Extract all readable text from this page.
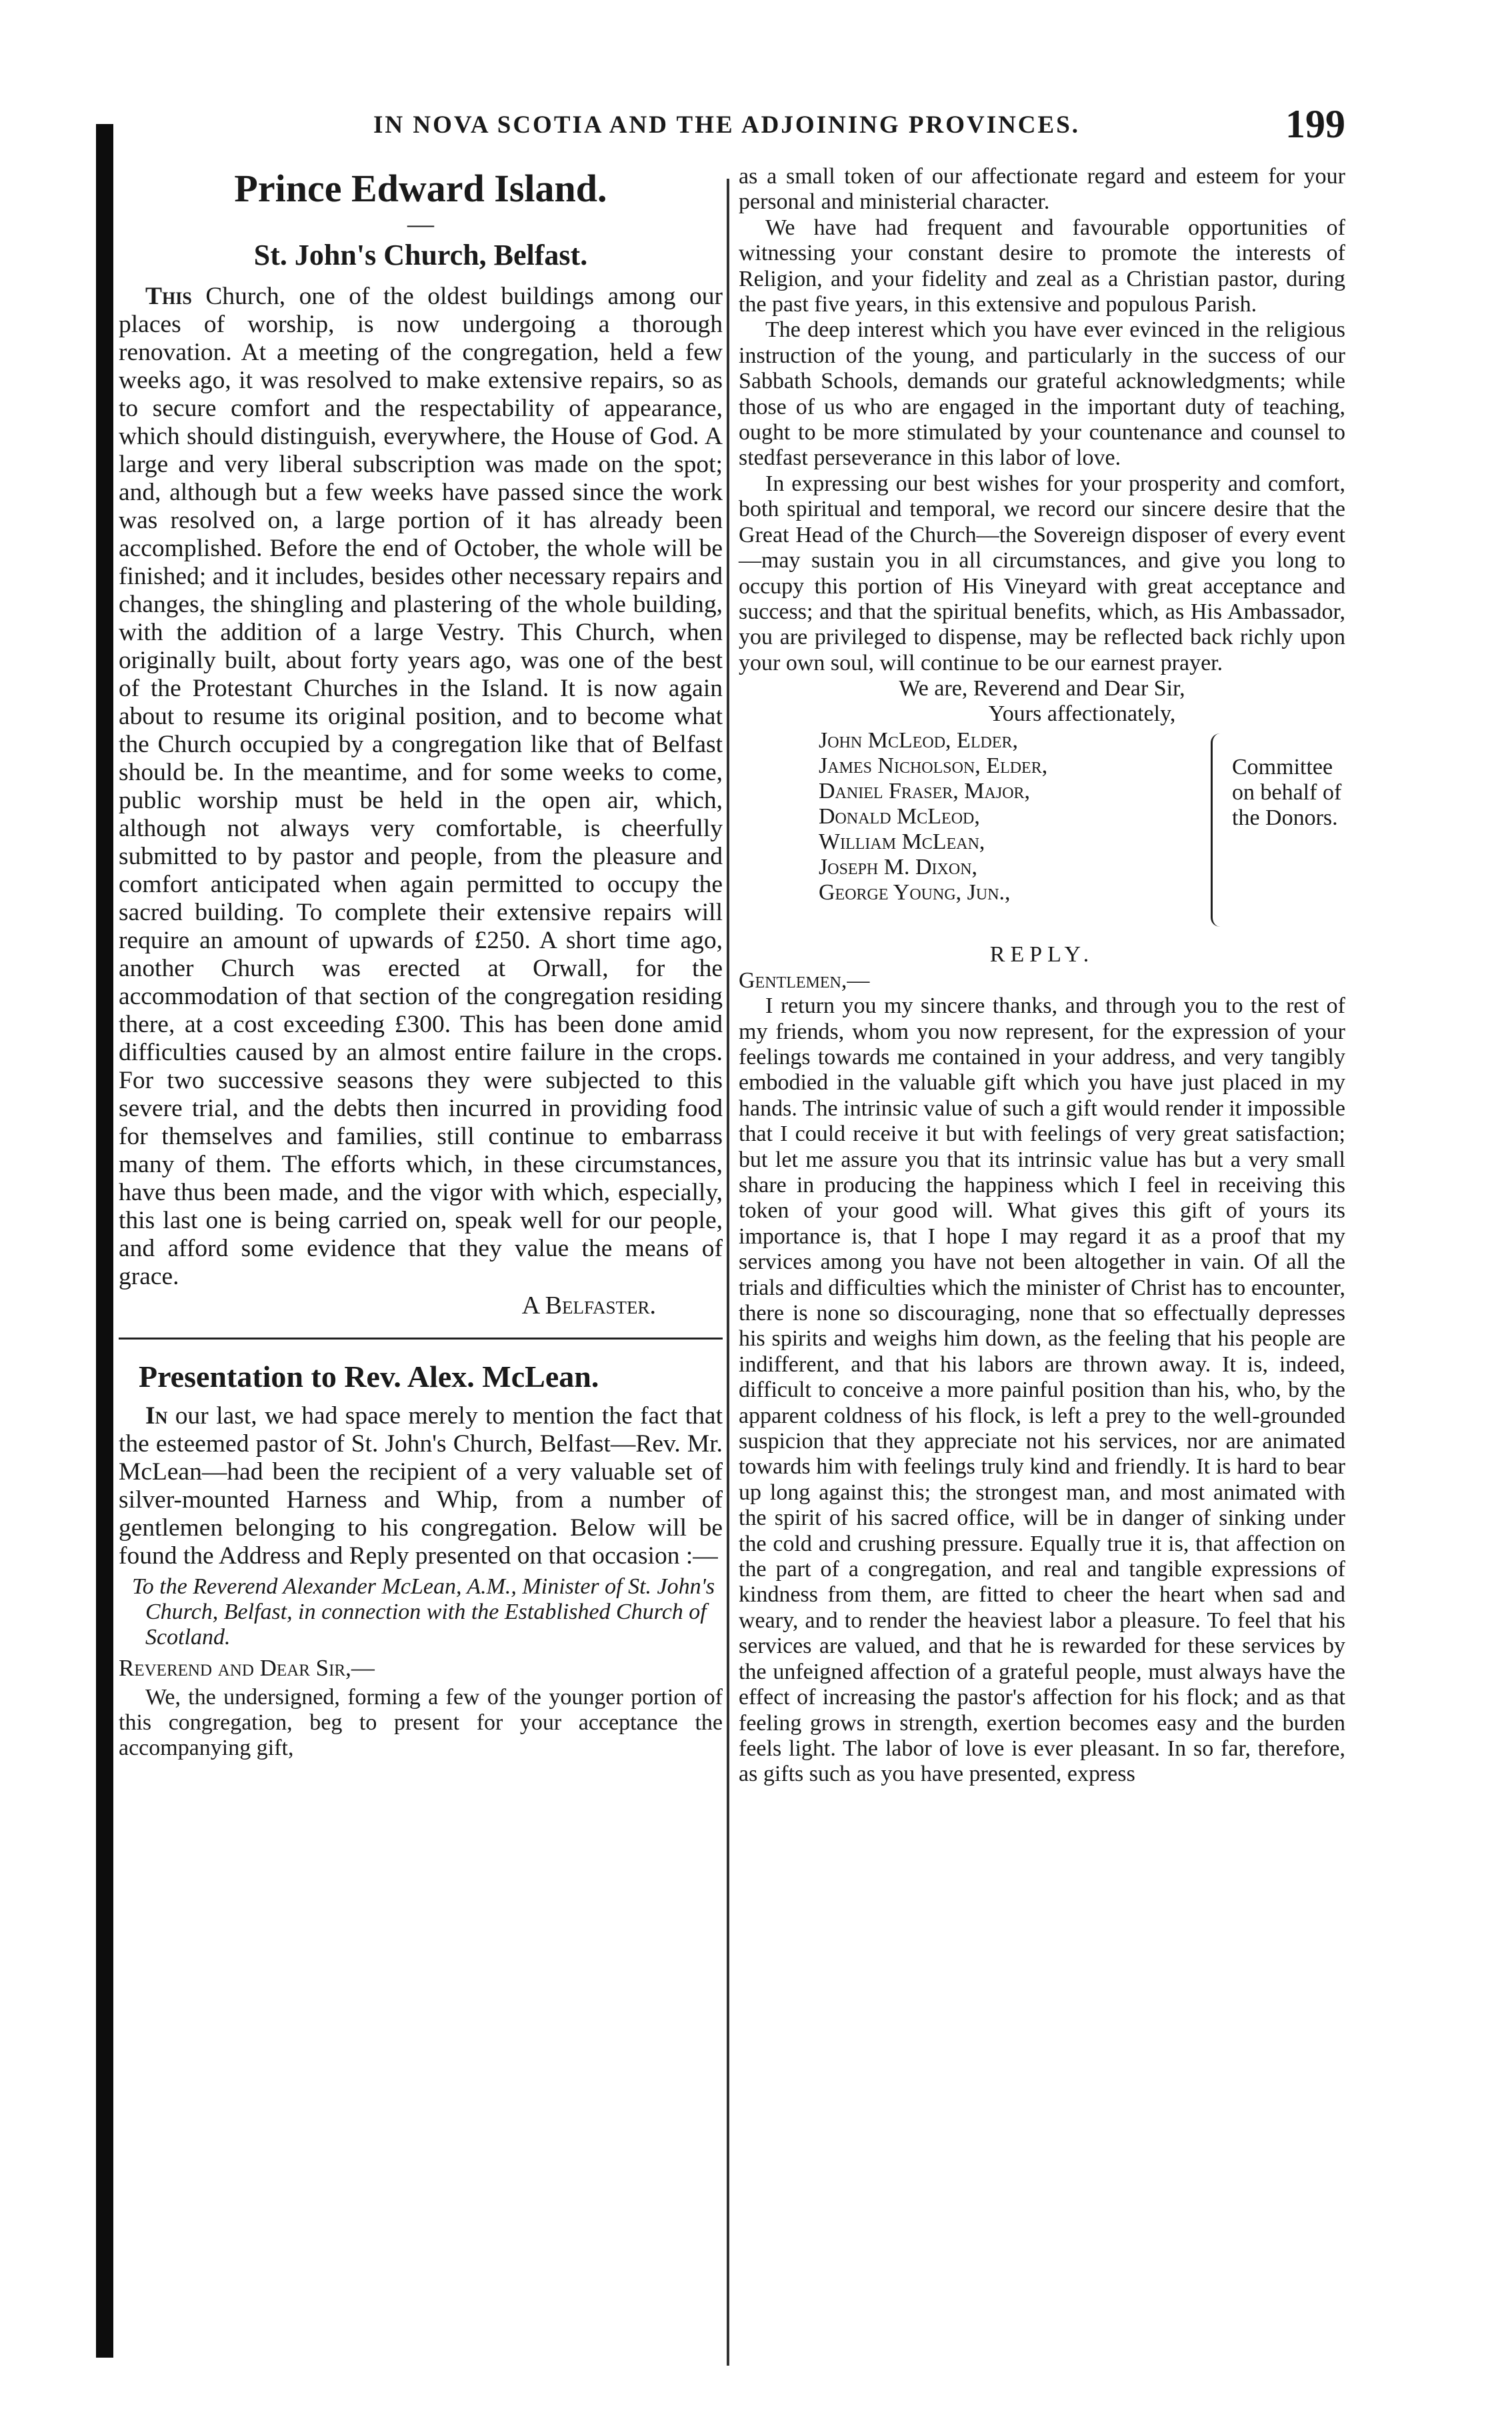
IN NOVA SCOTIA AND THE ADJOINING PROVINCES.	199
Prince Edward Island.
—
St. John's Church, Belfast.

This Church, one of the oldest buildings among our places of worship, is now undergoing a thorough renovation. At a meeting of the congregation, held a few weeks ago, it was resolved to make extensive repairs, so as to secure comfort and the respectability of appearance, which should distinguish, everywhere, the House of God. A large and very liberal subscription was made on the spot; and, although but a few weeks have passed since the work was resolved on, a large portion of it has already been accomplished. Before the end of October, the whole will be finished; and it includes, besides other necessary repairs and changes, the shingling and plastering of the whole building, with the addition of a large Vestry. This Church, when originally built, about forty years ago, was one of the best of the Protestant Churches in the Island. It is now again about to resume its original position, and to become what the Church occupied by a congregation like that of Belfast should be. In the meantime, and for some weeks to come, public worship must be held in the open air, which, although not always very comfortable, is cheerfully submitted to by pastor and people, from the pleasure and comfort anticipated when again permitted to occupy the sacred building. To complete their extensive repairs will require an amount of upwards of £250. A short time ago, another Church was erected at Orwall, for the accommodation of that section of the congregation residing there, at a cost exceeding £300. This has been done amid difficulties caused by an almost entire failure in the crops. For two successive seasons they were subjected to this severe trial, and the debts then incurred in providing food for themselves and families, still continue to embarrass many of them. The efforts which, in these circumstances, have thus been made, and the vigor with which, especially, this last one is being carried on, speak well for our people, and afford some evidence that they value the means of grace.

A Belfaster.
Presentation to Rev. Alex. McLean.

In our last, we had space merely to mention the fact that the esteemed pastor of St. John's Church, Belfast—Rev. Mr. McLean—had been the recipient of a very valuable set of silver-mounted Harness and Whip, from a number of gentlemen belonging to his congregation. Below will be found the Address and Reply presented on that occasion :—

To the Reverend Alexander McLean, A.M., Minister of St. John's Church, Belfast, in connection with the Established Church of Scotland.
Reverend and Dear Sir,—

We, the undersigned, forming a few of the younger portion of this congregation, beg to present for your acceptance the accompanying gift,

as a small token of our affectionate regard and esteem for your personal and ministerial character.

We have had frequent and favourable opportunities of witnessing your constant desire to promote the interests of Religion, and your fidelity and zeal as a Christian pastor, during the past five years, in this extensive and populous Parish.

The deep interest which you have ever evinced in the religious instruction of the young, and particularly in the success of our Sabbath Schools, demands our grateful acknowledgments; while those of us who are engaged in the important duty of teaching, ought to be more stimulated by your countenance and counsel to stedfast perseverance in this labor of love.

In expressing our best wishes for your prosperity and comfort, both spiritual and temporal, we record our sincere desire that the Great Head of the Church—the Sovereign disposer of every event—may sustain you in all circumstances, and give you long to occupy this portion of His Vineyard with great acceptance and success; and that the spiritual benefits, which, as His Ambassador, you are privileged to dispense, may be reflected back richly upon your own soul, will continue to be our earnest prayer.

We are, Reverend and Dear Sir,
Yours affectionately,
John McLeod, Elder,
James Nicholson, Elder,
Daniel Fraser, Major,
Donald McLeod,
William McLean,
Joseph M. Dixon,
George Young, Jun.,
Committee
on behalf of
the Donors.
REPLY.
Gentlemen,—

I return you my sincere thanks, and through you to the rest of my friends, whom you now represent, for the expression of your feelings towards me contained in your address, and very tangibly embodied in the valuable gift which you have just placed in my hands. The intrinsic value of such a gift would render it impossible that I could receive it but with feelings of very great satisfaction; but let me assure you that its intrinsic value has but a very small share in producing the happiness which I feel in receiving this token of your good will. What gives this gift of yours its importance is, that I hope I may regard it as a proof that my services among you have not been altogether in vain. Of all the trials and difficulties which the minister of Christ has to encounter, there is none so discouraging, none that so effectually depresses his spirits and weighs him down, as the feeling that his people are indifferent, and that his labors are thrown away. It is, indeed, difficult to conceive a more painful position than his, who, by the apparent coldness of his flock, is left a prey to the well-grounded suspicion that they appreciate not his services, nor are animated towards him with feelings truly kind and friendly. It is hard to bear up long against this; the strongest man, and most animated with the spirit of his sacred office, will be in danger of sinking under the cold and crushing pressure. Equally true it is, that affection on the part of a congregation, and real and tangible expressions of kindness from them, are fitted to cheer the heart when sad and weary, and to render the heaviest labor a pleasure. To feel that his services are valued, and that he is rewarded for these services by the unfeigned affection of a grateful people, must always have the effect of increasing the pastor's affection for his flock; and as that feeling grows in strength, exertion becomes easy and the burden feels light. The labor of love is ever pleasant. In so far, therefore, as gifts such as you have presented, express
